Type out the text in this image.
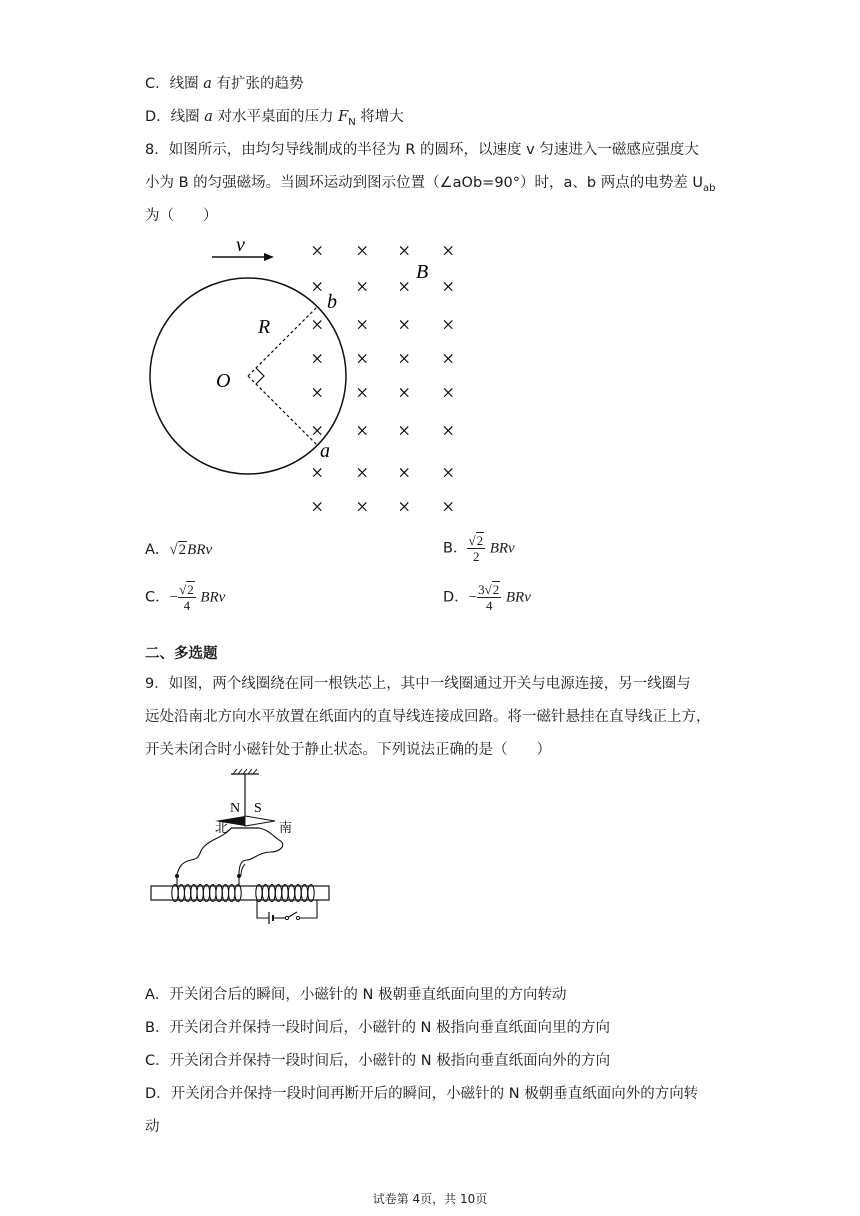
C．线圈 a 有扩张的趋势
D．线圈 a 对水平桌面的压力 $F_N$ 将增大
8．如图所示，由均匀导线制成的半径为 R 的圆环，以速度 v 匀速进入一磁感应强度大
小为 B 的匀强磁场。当圆环运动到图示位置（∠aOb=90°）时，a、b 两点的电势差 $U_{ab}$
为（　　）
v
O
R
b
a
B
× × × ×
× × × ×
× × × ×
× × × ×
× × × ×
× × × ×
× × × ×
× × × ×
A．√2BRv	B． $\frac{√2}{2}$ BRv
C．− $\frac{√2}{4}$ BRv	D．− $\frac{3√2}{4}$ BRv
二、多选题
9．如图，两个线圈绕在同一根铁芯上，其中一线圈通过开关与电源连接，另一线圈与
远处沿南北方向水平放置在纸面内的直导线连接成回路。将一磁针悬挂在直导线正上方，
开关未闭合时小磁针处于静止状态。下列说法正确的是（　　）
N S
北	南
A．开关闭合后的瞬间，小磁针的 N 极朝垂直纸面向里的方向转动
B．开关闭合并保持一段时间后，小磁针的 N 极指向垂直纸面向里的方向
C．开关闭合并保持一段时间后，小磁针的 N 极指向垂直纸面向外的方向
D．开关闭合并保持一段时间再断开后的瞬间，小磁针的 N 极朝垂直纸面向外的方向转
动
试卷第 4页，共 10页
